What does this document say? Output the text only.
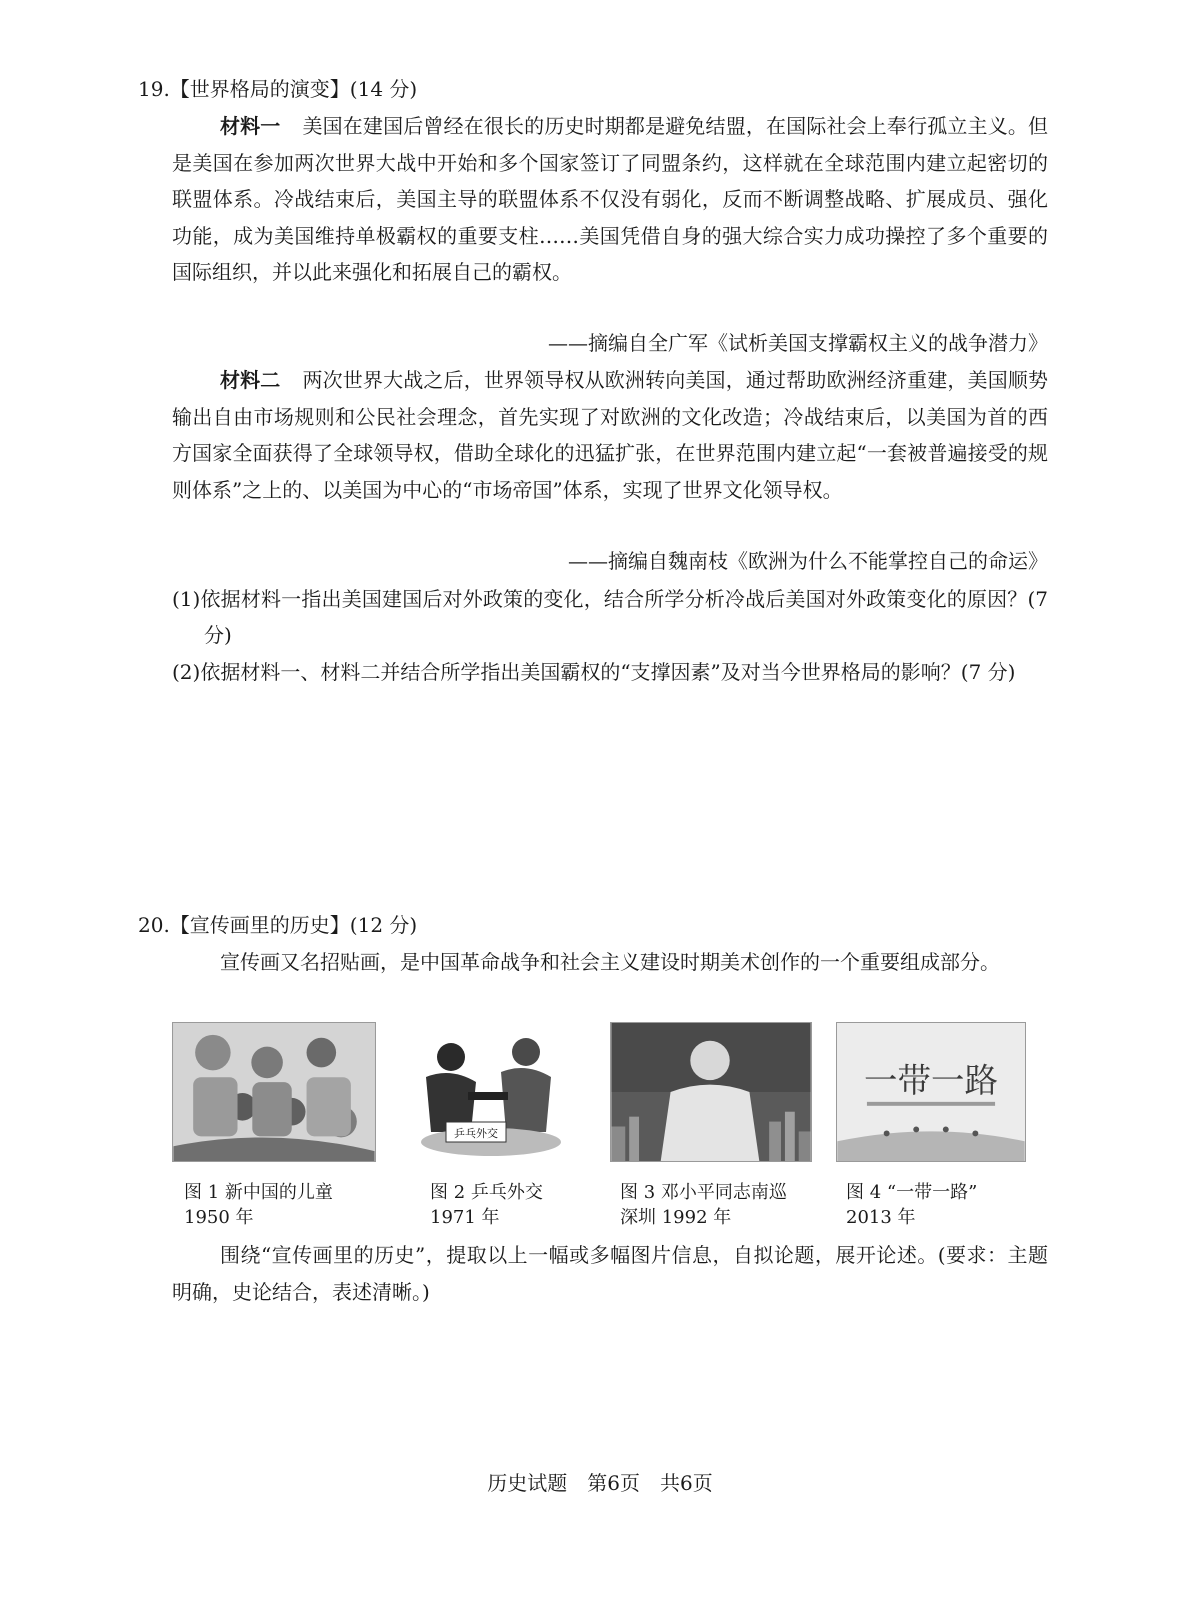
19.【世界格局的演变】(14 分)
材料一 美国在建国后曾经在很长的历史时期都是避免结盟，在国际社会上奉行孤立主义。但是美国在参加两次世界大战中开始和多个国家签订了同盟条约，这样就在全球范围内建立起密切的联盟体系。冷战结束后，美国主导的联盟体系不仅没有弱化，反而不断调整战略、扩展成员、强化功能，成为美国维持单极霸权的重要支柱……美国凭借自身的强大综合实力成功操控了多个重要的国际组织，并以此来强化和拓展自己的霸权。
——摘编自全广军《试析美国支撑霸权主义的战争潜力》
材料二 两次世界大战之后，世界领导权从欧洲转向美国，通过帮助欧洲经济重建，美国顺势输出自由市场规则和公民社会理念，首先实现了对欧洲的文化改造；冷战结束后，以美国为首的西方国家全面获得了全球领导权，借助全球化的迅猛扩张，在世界范围内建立起“一套被普遍接受的规则体系”之上的、以美国为中心的“市场帝国”体系，实现了世界文化领导权。
——摘编自魏南枝《欧洲为什么不能掌控自己的命运》
(1)依据材料一指出美国建国后对外政策的变化，结合所学分析冷战后美国对外政策变化的原因？(7 分)
(2)依据材料一、材料二并结合所学指出美国霸权的“支撑因素”及对当今世界格局的影响？(7 分)
20.【宣传画里的历史】(12 分)
宣传画又名招贴画，是中国革命战争和社会主义建设时期美术创作的一个重要组成部分。
乒乓外交
一带一路
图 1 新中国的儿童
1950 年
图 2 乒乓外交
1971 年
图 3 邓小平同志南巡
深圳 1992 年
图 4 “一带一路”
2013 年
围绕“宣传画里的历史”，提取以上一幅或多幅图片信息，自拟论题，展开论述。(要求：主题明确，史论结合，表述清晰。)
历史试题　第6页　共6页
